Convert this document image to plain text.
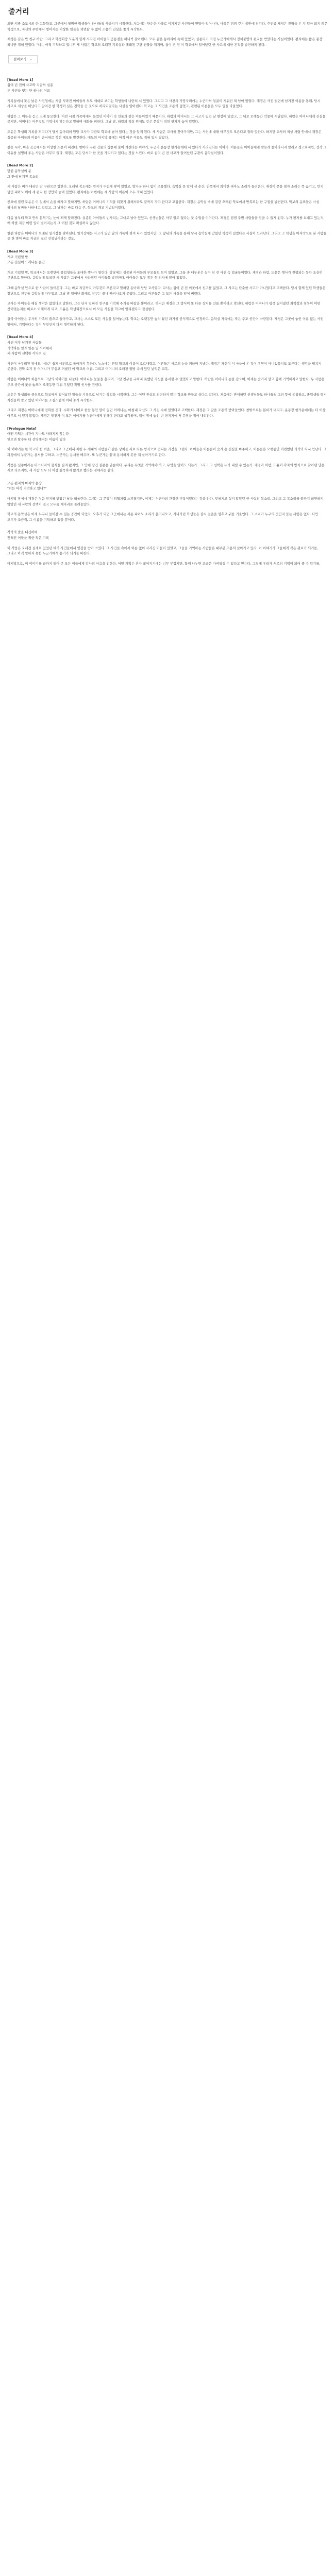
줄거리

외딴 지방 소도시의 한 고등학교. 그곳에서 평범한 학생들이 하나둘씩 사라지기 시작한다. 처음에는 단순한 가출로 여겨지던 사건들이 연달아 일어나자, 마을은 점점 깊은 불안에 잠긴다. 주인공 재경은 전학을 온 지 얼마 되지 않은 학생으로, 자신의 주변에서 벌어지는 이상한 일들을 외면할 수 없어 조용히 진실을 쫓기 시작한다.

재경은 같은 반 친구 하람, 그리고 학생회장 도윤과 함께 사라진 아이들의 공통점을 하나씩 찾아낸다. 모두 같은 동아리에 속해 있었고, 실종되기 직전 누군가에게서 정체불명의 편지를 받았다는 사실이었다. 편지에는 짧은 문장 하나만 적혀 있었다. "너는 아직 기억하고 있니?" 세 사람은 학교의 오래된 기록실과 폐쇄된 구관 건물을 뒤지며, 십여 년 전 이 학교에서 일어났던 한 사고에 대한 흔적을 발견하게 된다.

펼쳐보기 ⌄
[Read More 1]
십여 년 전의 사고와 지금의 실종
두 사건을 잇는 단 하나의 이름

기록실에서 찾은 낡은 사진첩에는 지금 사라진 아이들의 부모 세대로 보이는 학생들이 나란히 서 있었다. 그리고 그 사진의 가장자리에는 누군가의 얼굴이 지워진 채 남아 있었다. 재경은 사진 뒷면에 남겨진 이름을 통해, 당시 사고로 세상을 떠났다고 알려진 한 학생이 실은 전학을 간 것으로 처리되었다는 사실을 알아낸다. 학교는 그 사건을 조용히 덮었고, 관련된 어른들은 모두 입을 다물었다.

하람은 그 이름을 듣고 크게 동요한다. 어린 시절 가족에게서 들었던 이야기 속 인물과 같은 이름이었기 때문이다. 하람의 어머니는 그 사고가 있던 날 현장에 있었고, 그 뒤로 오랫동안 악몽에 시달렸다. 하람은 어머니에게 진실을 묻지만, 어머니는 아무것도 기억나지 않는다고 말하며 대화를 피한다. 그날 밤, 하람의 책상 위에도 같은 문장이 적힌 편지가 놓여 있었다.

도윤은 학생회 기록을 뒤지다가 당시 동아리의 담당 교사가 지금도 학교에 남아 있다는 것을 알게 된다. 세 사람은 교사를 찾아가지만, 그는 사건에 대해 아무것도 모른다고 잘라 말한다. 하지만 교사의 책상 서랍 안에서 재경은 실종된 아이들의 이름이 순서대로 적힌 메모를 발견한다. 메모의 마지막 줄에는 아직 아무 이름도 적혀 있지 않았다.

같은 시각, 마을 곳곳에서는 이상한 소문이 퍼진다. 밤마다 구관 건물의 창문에 불이 켜진다는 이야기, 누군가 운동장 한가운데에 서 있다가 사라진다는 이야기. 어른들은 아이들에게 밤늦게 돌아다니지 말라고 경고하지만, 정작 그 이유를 설명해 주는 사람은 아무도 없다. 재경은 모든 단서가 한 곳을 가리키고 있다는 것을 느낀다. 바로 십여 년 전 사고가 일어났던 구관의 음악실이었다.

[Read More 2]
닫힌 음악실의 문
그 안에 남겨진 목소리

세 사람은 비가 내리던 밤 구관으로 향한다. 오래된 복도에는 먼지가 두텁게 쌓여 있었고, 발자국 하나 없이 조용했다. 음악실 문 앞에 선 순간, 안쪽에서 희미한 피아노 소리가 들려온다. 재경이 문을 열자 소리는 뚝 끊기고, 먼지 덮인 피아노 위에 새 편지 한 장만이 놓여 있었다. 편지에는 이번에는 세 사람의 이름이 모두 적혀 있었다.

공포에 질린 도윤은 이 일에서 손을 떼자고 말하지만, 하람은 어머니의 기억을 되찾기 위해서라도 끝까지 가야 한다고 고집한다. 재경은 음악실 벽에 걸린 오래된 악보에서 반복되는 한 구절을 발견한다. 악보의 음표들은 사실 하나의 날짜를 나타내고 있었고, 그 날짜는 바로 다음 주, 학교의 개교 기념일이었다.

다음 날부터 학교 안의 분위기는 눈에 띄게 달라진다. 실종된 아이들의 빈자리는 그대로 남아 있었고, 선생님들은 아무 일도 없다는 듯 수업을 이어간다. 재경은 점점 주변 사람들을 믿을 수 없게 된다. 누가 편지를 보내고 있는지, 왜 하필 지금 이런 일이 벌어지는지 그 어떤 것도 확실하지 않았다.

한편 하람은 어머니의 오래된 일기장을 찾아낸다. 일기장에는 사고가 있던 날의 기록이 찢겨 나가 있었지만, 그 앞뒤의 기록을 통해 당시 음악실에 갇혔던 학생이 있었다는 사실이 드러난다. 그리고 그 학생을 마지막으로 본 사람들 중 한 명이 바로 지금의 교감 선생님이라는 것도.

[Read More 3]
개교 기념일 밤
모든 진실이 드러나는 순간

개교 기념일 밤, 학교에서는 오랜만에 졸업생들을 초대한 행사가 열린다. 강당에는 실종된 아이들의 부모들도 모여 있었고, 그들 중 대부분은 십여 년 전 사진 속 얼굴들이었다. 재경과 하람, 도윤은 행사가 진행되는 동안 조용히 구관으로 향한다. 음악실에 도착한 세 사람은 그곳에서 사라졌던 아이들을 발견한다. 아이들은 모두 잠든 듯 의자에 앉아 있었다.

그때 음악실 안으로 한 사람이 들어온다. 그는 바로 지금까지 아무것도 모른다고 말하던 동아리 담당 교사였다. 교사는 십여 년 전 이곳에서 친구를 잃었고, 그 사고는 단순한 사고가 아니었다고 고백한다. 당시 함께 있던 학생들은 장난으로 친구를 음악실에 가두었고, 그날 밤 일어난 화재로 친구는 끝내 빠져나오지 못했다. 그리고 어른들은 그 모든 사실을 덮어 버렸다.

교사는 아이들을 해칠 생각은 없었다고 말한다. 그는 단지 잊혀진 친구를 기억해 주기를 바랐을 뿐이라고. 하지만 재경은 그 방식이 또 다른 상처를 만들 뿐이라고 맞선다. 하람은 어머니가 평생 짊어졌던 죄책감과 침묵이 어떤 것이었는지를 비로소 이해하게 되고, 도윤은 학생회장으로서 이 모든 사실을 학교에 알리겠다고 결심한다.

결국 아이들은 무사히 가족의 품으로 돌아가고, 교사는 스스로 모든 사실을 털어놓는다. 학교는 오랫동안 숨겨 왔던 과거를 공식적으로 인정하고, 음악실 자리에는 작은 추모 공간이 마련된다. 재경은 그곳에 놓인 이름 없는 사진 앞에서, 기억한다는 것이 무엇인지 다시 생각하게 된다.

[Read More 4]
사건 이후 남겨진 사람들
기억하는 일과 잊는 일 사이에서
세 사람이 선택한 각자의 길

사건이 마무리된 뒤에도 마을은 쉽게 예전으로 돌아가지 못한다. 뉴스에는 연일 학교의 이름이 오르내렸고, 어른들은 서로의 눈을 피하며 지냈다. 재경은 자신이 이 마을에 온 것이 우연이 아니었을지도 모른다는 생각을 떨치지 못한다. 전학 오기 전 어머니가 무심코 꺼냈던 이 학교의 이름, 그리고 어머니의 오래된 앨범 속에 있던 낯익은 교복.

하람은 어머니와 처음으로 그날의 이야기를 나눈다. 어머니는 눈물을 흘리며, 그날 친구를 구하지 못했던 자신을 용서할 수 없었다고 말한다. 하람은 어머니의 손을 잡으며, 이제는 숨기지 말고 함께 기억하자고 말한다. 두 사람은 추모 공간에 꽃을 놓으며 오랫동안 미뤄 두었던 작별 인사를 건넨다.

도윤은 학생회를 중심으로 학교에서 일어났던 일들을 기록으로 남기는 작업을 시작한다. 그는 어떤 진실도 외면하지 않는 학교를 만들고 싶다고 말한다. 처음에는 반대하던 선생님들도 하나둘씩 그의 뜻에 동참하고, 졸업생들 역시 자신들이 알고 있던 이야기를 조심스럽게 꺼내 놓기 시작한다.

그리고 재경은 어머니에게 전화를 건다. 수화기 너머로 한참 동안 말이 없던 어머니는, 마침내 자신도 그 사진 속에 있었다고 고백한다. 재경은 그 말을 조용히 받아들인다. 창밖으로는 봄비가 내리고, 운동장 한가운데에는 더 이상 아무도 서 있지 않았다. 재경은 언젠가 이 모든 이야기를 누군가에게 전해야 한다고 생각하며, 책상 위에 놓인 빈 편지지에 첫 문장을 적어 내려간다.

[Prologue Note]
어떤 기억은 시간이 지나도 사라지지 않는다
잊으려 할수록 더 선명해지는 이름이 있다

이 이야기는 한 학교와 한 마을, 그리고 그곳에서 자란 두 세대의 사람들이 같은 상처를 서로 다른 방식으로 견디는 과정을 그린다. 아이들은 어른들이 숨겨 온 진실을 마주하고, 어른들은 오랫동안 외면했던 과거와 다시 만난다. 그 과정에서 누군가는 용서를 구하고, 누군가는 용서를 배우며, 또 누군가는 끝내 용서하지 못한 채 살아가기로 한다.

작품은 실종이라는 미스터리의 형식을 빌려 왔지만, 그 안에 담긴 질문은 단순하다. 우리는 무엇을 기억해야 하고, 무엇을 잊어도 되는가. 그리고 그 선택은 누가 내릴 수 있는가. 재경과 하람, 도윤이 각자의 방식으로 찾아낸 답은 서로 다르지만, 세 사람 모두 더 이상 침묵하지 않기로 했다는 점에서는 같다.

모든 편지의 마지막 문장
"너는 아직 기억하고 있니?"

마지막 장에서 재경은 처음 편지를 받았던 날을 떠올린다. 그때는 그 문장이 위협처럼 느껴졌지만, 이제는 누군가의 간절한 부탁이었다는 것을 안다. 잊혀지고 싶지 않았던 한 사람의 목소리, 그리고 그 목소리를 끝까지 외면하지 않았던 세 사람의 선택이 결국 모두를 제자리로 돌려놓았다.

학교의 음악실은 이제 누구나 들어갈 수 있는 공간이 되었다. 오후가 되면 그곳에서는 서툰 피아노 소리가 흘러나오고, 지나가던 학생들은 잠시 걸음을 멈추고 귀를 기울인다. 그 소리가 누구의 것인지 묻는 사람은 없다. 다만 모두가 조금씩, 그 이름을 기억하고 있을 뿐이다.

작가의 말을 대신하여
잊혀진 이들을 위한 작은 기록

이 작품은 오래전 실제로 있었던 여러 사건들에서 영감을 받아 쓰였다. 그 사건들 속에서 이름 없이 사라진 이들이 있었고, 그들을 기억하는 사람들은 대부분 조용히 살아가고 있다. 이 이야기가 그들에게 작은 위로가 되기를, 그리고 아직 말하지 못한 누군가에게 용기가 되기를 바란다.

마지막으로, 이 이야기를 끝까지 읽어 준 모든 이들에게 감사의 마음을 전한다. 어떤 기억은 혼자 짊어지기에는 너무 무겁지만, 함께 나누면 조금은 가벼워질 수 있다고 믿는다. 그렇게 우리가 서로의 기억이 되어 줄 수 있기를.
